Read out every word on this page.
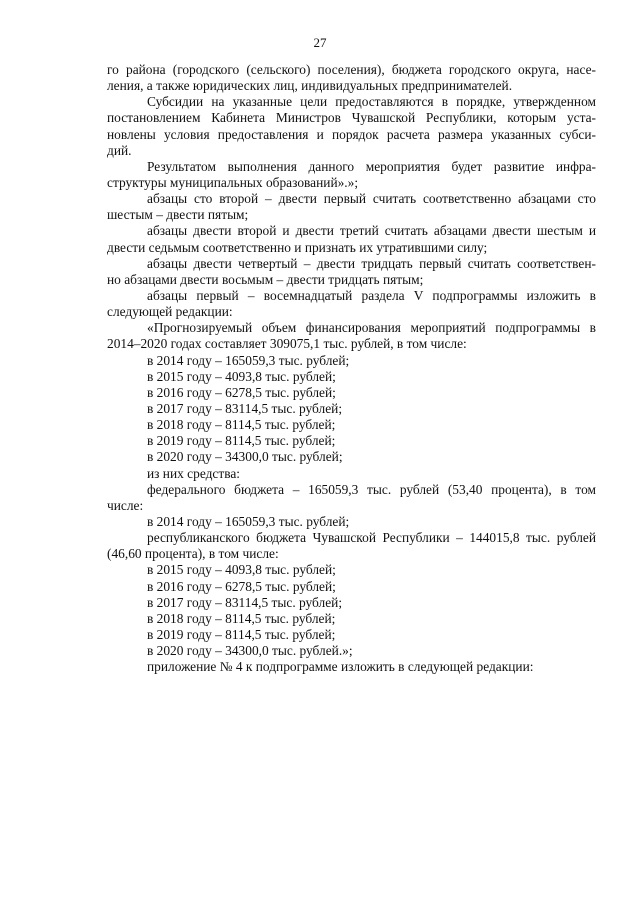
27
го района (городского (сельского) поселения), бюджета городского округа, насе-
ления, а также юридических лиц, индивидуальных предпринимателей.
Субсидии на указанные цели предоставляются в порядке, утвержденном
постановлением Кабинета Министров Чувашской Республики, которым уста-
новлены условия предоставления и порядок расчета размера указанных субси-
дий.
Результатом выполнения данного мероприятия будет развитие инфра-
структуры муниципальных образований».»;
абзацы сто второй – двести первый считать соответственно абзацами сто
шестым – двести пятым;
абзацы двести второй и двести третий считать абзацами двести шестым и
двести седьмым соответственно и признать их утратившими силу;
абзацы двести четвертый – двести тридцать первый считать соответствен-
но абзацами двести восьмым – двести тридцать пятым;
абзацы первый – восемнадцатый раздела V подпрограммы изложить в
следующей редакции:
«Прогнозируемый объем финансирования мероприятий подпрограммы в
2014–2020 годах составляет 309075,1 тыс. рублей, в том числе:
в 2014 году – 165059,3 тыс. рублей;
в 2015 году – 4093,8 тыс. рублей;
в 2016 году – 6278,5 тыс. рублей;
в 2017 году – 83114,5 тыс. рублей;
в 2018 году – 8114,5 тыс. рублей;
в 2019 году – 8114,5 тыс. рублей;
в 2020 году – 34300,0 тыс. рублей;
из них средства:
федерального бюджета – 165059,3 тыс. рублей (53,40 процента), в том
числе:
в 2014 году – 165059,3 тыс. рублей;
республиканского бюджета Чувашской Республики – 144015,8 тыс. рублей
(46,60 процента), в том числе:
в 2015 году – 4093,8 тыс. рублей;
в 2016 году – 6278,5 тыс. рублей;
в 2017 году – 83114,5 тыс. рублей;
в 2018 году – 8114,5 тыс. рублей;
в 2019 году – 8114,5 тыс. рублей;
в 2020 году – 34300,0 тыс. рублей.»;
приложение № 4 к подпрограмме изложить в следующей редакции:
